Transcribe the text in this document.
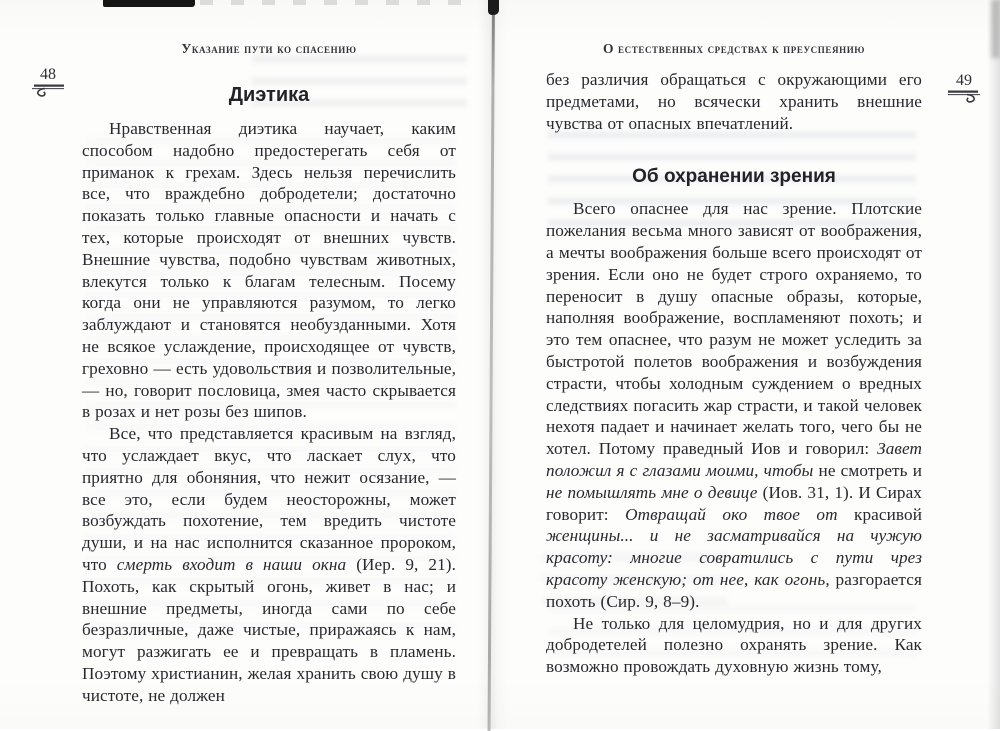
48	49
Указание пути ко спасению
Диэтика

Нравственная диэтика научает, каким способом надобно предостерегать себя от приманок к грехам. Здесь нельзя перечислить все, что враждебно добродетели; достаточно показать только главные опасности и начать с тех, которые происходят от внешних чувств. Внешние чувства, подобно чувствам животных, влекутся только к благам телесным. Посему когда они не управляются разумом, то легко заблуждают и становятся необузданными. Хотя не всякое услаждение, происходящее от чувств, греховно — есть удовольствия и позволительные, — но, говорит пословица, змея часто скрывается в розах и нет розы без шипов.

Все, что представляется красивым на взгляд, что услаждает вкус, что ласкает слух, что приятно для обоняния, что нежит осязание, — все это, если будем неосторожны, может возбуждать похотение, тем вредить чистоте души, и на нас исполнится сказанное пророком, что смерть входит в наши окна (Иер. 9, 21). Похоть, как скрытый огонь, живет в нас; и внешние предметы, иногда сами по себе безразличные, даже чистые, приражаясь к нам, могут разжигать ее и превращать в пламень. Поэтому христианин, желая хранить свою душу в чистоте, не должен

О естественных средствах к преуспеянию

без различия обращаться с окружающими его предметами, но всячески хранить внешние чувства от опасных впечатлений.

Об охранении зрения

Всего опаснее для нас зрение. Плотские пожелания весьма много зависят от воображения, а мечты воображения больше всего происходят от зрения. Если оно не будет строго охраняемо, то переносит в душу опасные образы, которые, наполняя воображение, воспламеняют похоть; и это тем опаснее, что разум не может уследить за быстротой полетов воображения и возбуждения страсти, чтобы холодным суждением о вредных следствиях погасить жар страсти, и такой человек нехотя падает и начинает желать того, чего бы не хотел. Потому праведный Иов и говорил: Завет положил я с глазами моими, чтобы не смотреть и не помышлять мне о девице (Иов. 31, 1). И Сирах говорит: Отвращай око твое от красивой женщины... и не засматривайся на чужую красоту: многие совратились с пути чрез красоту женскую; от нее, как огонь, разгорается похоть (Сир. 9, 8–9).

Не только для целомудрия, но и для других добродетелей полезно охранять зрение. Как возможно провождать духовную жизнь тому,
